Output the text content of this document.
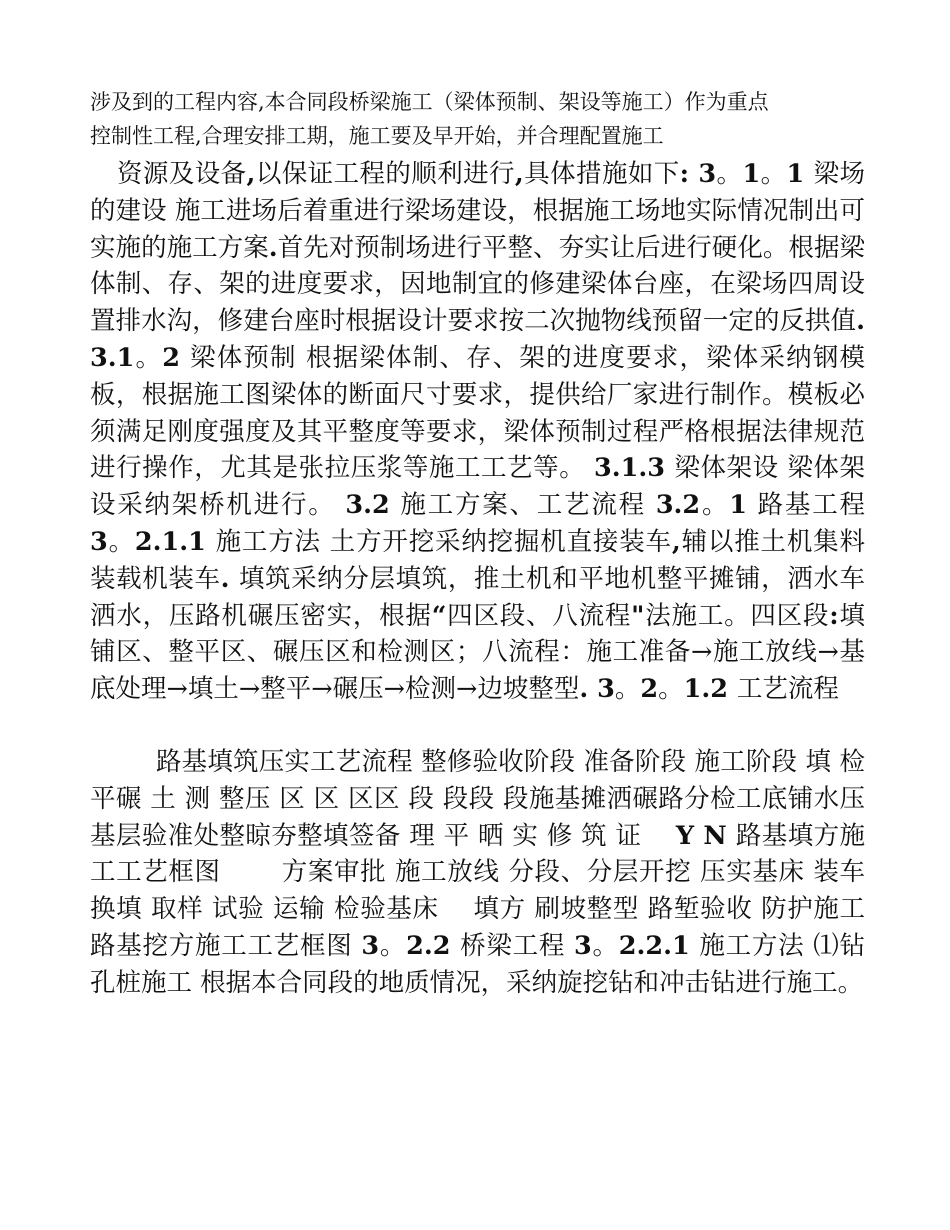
涉及到的工程内容,本合同段桥梁施工（梁体预制、架设等施工）作为重点
控制性工程,合理安排工期，施工要及早开始，并合理配置施工

资源及设备,以保证工程的顺利进行,具体措施如下: 3。1。1 梁场的建设 施工进场后着重进行梁场建设，根据施工场地实际情况制出可实施的施工方案.首先对预制场进行平整、夯实让后进行硬化。根据梁体制、存、架的进度要求，因地制宜的修建梁体台座，在梁场四周设置排水沟，修建台座时根据设计要求按二次抛物线预留一定的反拱值. 3.1。2 梁体预制 根据梁体制、存、架的进度要求，梁体采纳钢模板，根据施工图梁体的断面尺寸要求，提供给厂家进行制作。模板必须满足刚度强度及其平整度等要求，梁体预制过程严格根据法律规范进行操作，尤其是张拉压浆等施工工艺等。 3.1.3 梁体架设 梁体架设采纳架桥机进行。 3.2 施工方案、工艺流程 3.2。1 路基工程 3。2.1.1 施工方法 土方开挖采纳挖掘机直接装车,辅以推土机集料装载机装车. 填筑采纳分层填筑，推土机和平地机整平摊铺，洒水车洒水，压路机碾压密实，根据“四区段、八流程"法施工。四区段:填铺区、整平区、碾压区和检测区；八流程：施工准备→施工放线→基底处理→填土→整平→碾压→检测→边坡整型. 3。2。1.2 工艺流程

路基填筑压实工艺流程 整修验收阶段 准备阶段 施工阶段 填 检 平碾 土 测 整压 区 区 区区 段 段段 段施基摊洒碾路分检工底铺水压基层验准处整晾夯整填签备 理 平 晒 实 修 筑 证 　Y N 路基填方施工工艺框图　　 方案审批 施工放线 分段、分层开挖 压实基床 装车 换填 取样 试验 运输 检验基床 　填方 刷坡整型 路堑验收 防护施工 路基挖方施工工艺框图 3。2.2 桥梁工程 3。2.2.1 施工方法 ⑴钻孔桩施工 根据本合同段的地质情况，采纳旋挖钻和冲击钻进行施工。
